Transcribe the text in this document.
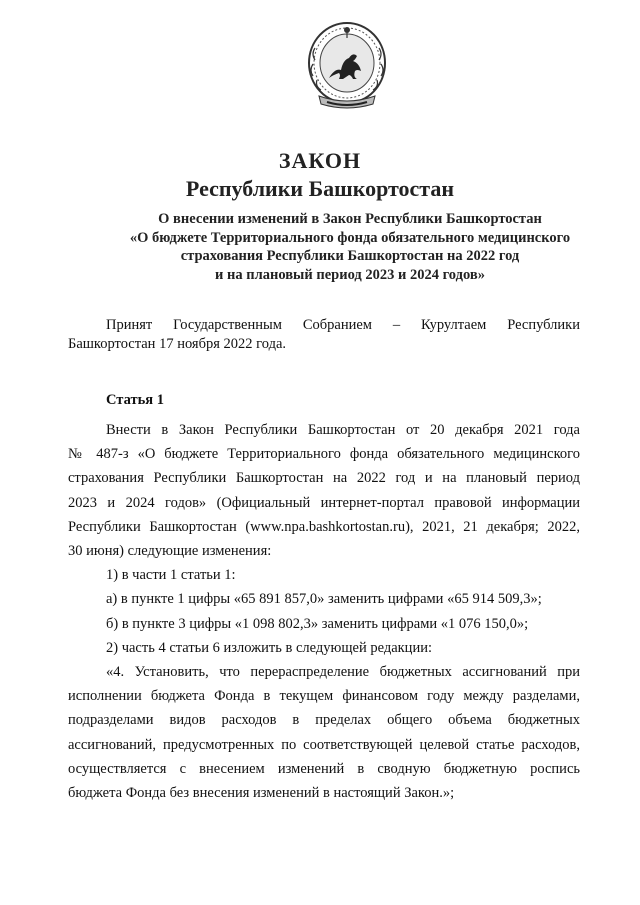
ЗАКОН
Республики Башкортостан
О внесении изменений в Закон Республики Башкортостан
«О бюджете Территориального фонда обязательного медицинского
страхования Республики Башкортостан на 2022 год
и на плановый период 2023 и 2024 годов»
Принят Государственным Собранием – Курултаем Республики
Башкортостан 17 ноября 2022 года.
Статья 1
Внести в Закон Республики Башкортостан от 20 декабря 2021 года
№ 487-з «О бюджете Территориального фонда обязательного медицинского
страхования Республики Башкортостан на 2022 год и на плановый период
2023 и 2024 годов» (Официальный интернет-портал правовой информации
Республики Башкортостан (www.npa.bashkortostan.ru), 2021, 21 декабря; 2022,
30 июня) следующие изменения:
1) в части 1 статьи 1:
а) в пункте 1 цифры «65 891 857,0» заменить цифрами «65 914 509,3»;
б) в пункте 3 цифры «1 098 802,3» заменить цифрами «1 076 150,0»;
2) часть 4 статьи 6 изложить в следующей редакции:
«4. Установить, что перераспределение бюджетных ассигнований при
исполнении бюджета Фонда в текущем финансовом году между разделами,
подразделами видов расходов в пределах общего объема бюджетных
ассигнований, предусмотренных по соответствующей целевой статье расходов,
осуществляется с внесением изменений в сводную бюджетную роспись
бюджета Фонда без внесения изменений в настоящий Закон.»;
